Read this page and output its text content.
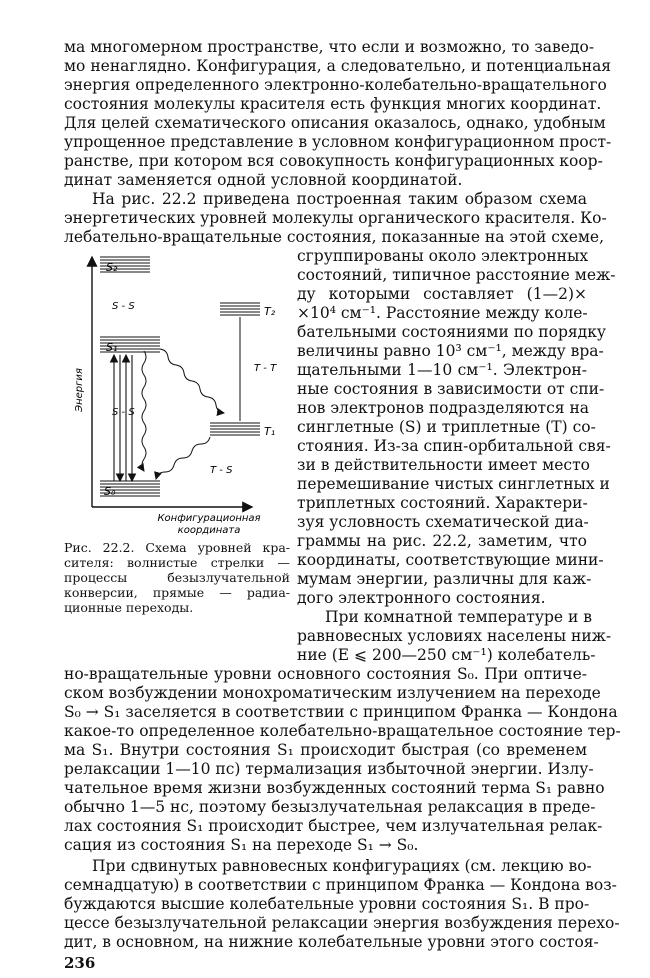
ма многомерном пространстве, что если и возможно, то заведо-
мо ненаглядно. Конфигурация, а следовательно, и потенциальная
энергия определенного электронно-колебательно-вращательного
состояния молекулы красителя есть функция многих координат.
Для целей схематического описания оказалось, однако, удобным
упрощенное представление в условном конфигурационном прост-
ранстве, при котором вся совокупность конфигурационных коор-
динат заменяется одной условной координатой.
На рис. 22.2 приведена построенная таким образом схема
энергетических уровней молекулы органического красителя. Ко-
лебательно-вращательные состояния, показанные на этой схеме,
Энергия
Конфигурационная
координата
S₂
S₁
S₀
T₂
T₁
S - S
S - S
T - T
T - S
сгруппированы около электронных
состояний, типичное расстояние меж-
ду которыми составляет (1—2)×
×10⁴ см⁻¹. Расстояние между коле-
бательными состояниями по порядку
величины равно 10³ см⁻¹, между вра-
щательными 1—10 см⁻¹. Электрон-
ные состояния в зависимости от спи-
нов электронов подразделяются на
синглетные (S) и триплетные (T) со-
стояния. Из-за спин-орбитальной свя-
зи в действительности имеет место
перемешивание чистых синглетных и
триплетных состояний. Характери-
зуя условность схематической диа-
граммы на рис. 22.2, заметим, что
координаты, соответствующие мини-
мумам энергии, различны для каж-
дого электронного состояния.
При комнатной температуре и в
равновесных условиях населены ниж-
ние (E ⩽ 200—250 см⁻¹) колебатель-
Рис. 22.2. Схема уровней кра-
сителя: волнистые стрелки —
процессы безызлучательной
конверсии, прямые — радиа-
ционные переходы.
но-вращательные уровни основного состояния S₀. При оптиче-
ском возбуждении монохроматическим излучением на переходе
S₀ → S₁ заселяется в соответствии с принципом Франка — Кондона
какое-то определенное колебательно-вращательное состояние тер-
ма S₁. Внутри состояния S₁ происходит быстрая (со временем
релаксации 1—10 пс) термализация избыточной энергии. Излу-
чательное время жизни возбужденных состояний терма S₁ равно
обычно 1—5 нс, поэтому безызлучательная релаксация в преде-
лах состояния S₁ происходит быстрее, чем излучательная релак-
сация из состояния S₁ на переходе S₁ → S₀.
При сдвинутых равновесных конфигурациях (см. лекцию во-
семнадцатую) в соответствии с принципом Франка — Кондона воз-
буждаются высшие колебательные уровни состояния S₁. В про-
цессе безызлучательной релаксации энергия возбуждения перехо-
дит, в основном, на нижние колебательные уровни этого состоя-
236
